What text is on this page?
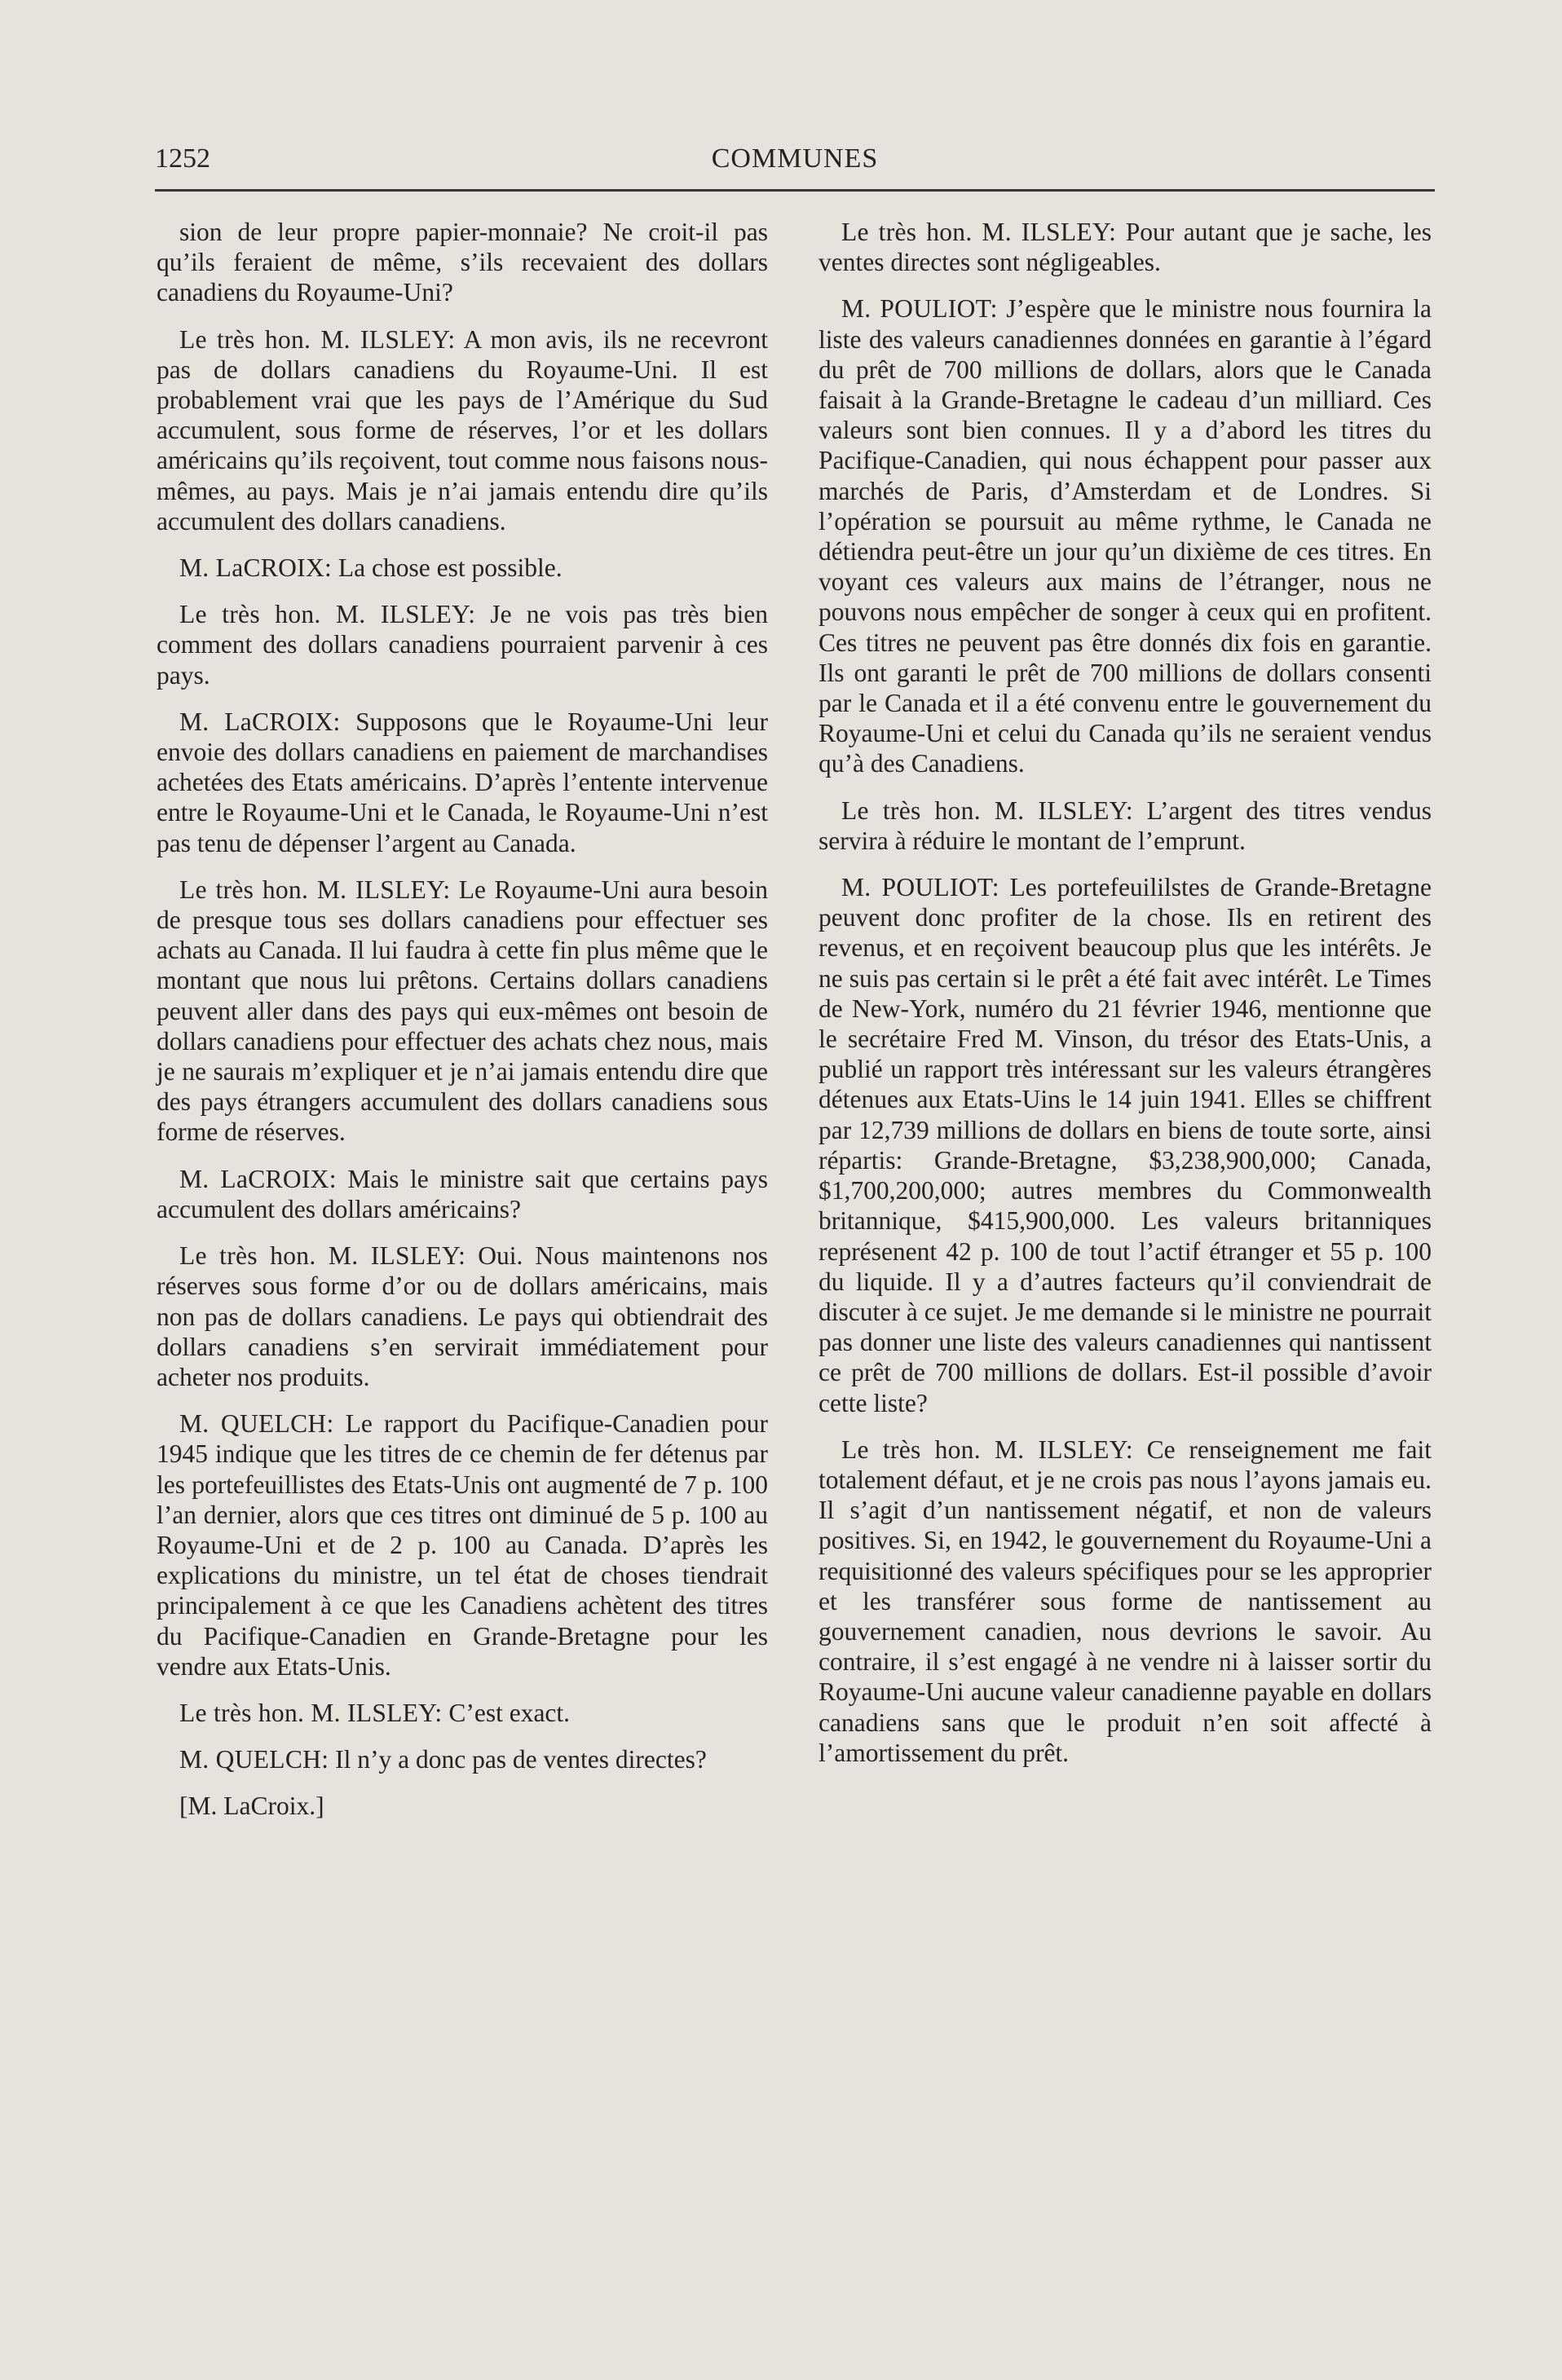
1252	COMMUNES

sion de leur propre papier-monnaie? Ne croit-il pas qu’ils feraient de même, s’ils recevaient des dollars canadiens du Royaume-Uni?

Le très hon. M. ILSLEY: A mon avis, ils ne recevront pas de dollars canadiens du Royaume-Uni. Il est probablement vrai que les pays de l’Amérique du Sud accumulent, sous forme de réserves, l’or et les dollars américains qu’ils reçoivent, tout comme nous faisons nous-mêmes, au pays. Mais je n’ai jamais entendu dire qu’ils accumulent des dollars canadiens.

M. LaCROIX: La chose est possible.

Le très hon. M. ILSLEY: Je ne vois pas très bien comment des dollars canadiens pourraient parvenir à ces pays.

M. LaCROIX: Supposons que le Royaume-Uni leur envoie des dollars canadiens en paiement de marchandises achetées des Etats américains. D’après l’entente intervenue entre le Royaume-Uni et le Canada, le Royaume-Uni n’est pas tenu de dépenser l’argent au Canada.

Le très hon. M. ILSLEY: Le Royaume-Uni aura besoin de presque tous ses dollars canadiens pour effectuer ses achats au Canada. Il lui faudra à cette fin plus même que le montant que nous lui prêtons. Certains dollars canadiens peuvent aller dans des pays qui eux-mêmes ont besoin de dollars canadiens pour effectuer des achats chez nous, mais je ne saurais m’expliquer et je n’ai jamais entendu dire que des pays étrangers accumulent des dollars canadiens sous forme de réserves.

M. LaCROIX: Mais le ministre sait que certains pays accumulent des dollars américains?

Le très hon. M. ILSLEY: Oui. Nous maintenons nos réserves sous forme d’or ou de dollars américains, mais non pas de dollars canadiens. Le pays qui obtiendrait des dollars canadiens s’en servirait immédiatement pour acheter nos produits.

M. QUELCH: Le rapport du Pacifique-Canadien pour 1945 indique que les titres de ce chemin de fer détenus par les portefeuillistes des Etats-Unis ont augmenté de 7 p. 100 l’an dernier, alors que ces titres ont diminué de 5 p. 100 au Royaume-Uni et de 2 p. 100 au Canada. D’après les explications du ministre, un tel état de choses tiendrait principalement à ce que les Canadiens achètent des titres du Pacifique-Canadien en Grande-Bretagne pour les vendre aux Etats-Unis.

Le très hon. M. ILSLEY: C’est exact.

M. QUELCH: Il n’y a donc pas de ventes directes?

[M. LaCroix.]

Le très hon. M. ILSLEY: Pour autant que je sache, les ventes directes sont négligeables.

M. POULIOT: J’espère que le ministre nous fournira la liste des valeurs canadiennes données en garantie à l’égard du prêt de 700 millions de dollars, alors que le Canada faisait à la Grande-Bretagne le cadeau d’un milliard. Ces valeurs sont bien connues. Il y a d’abord les titres du Pacifique-Canadien, qui nous échappent pour passer aux marchés de Paris, d’Amsterdam et de Londres. Si l’opération se poursuit au même rythme, le Canada ne détiendra peut-être un jour qu’un dixième de ces titres. En voyant ces valeurs aux mains de l’étranger, nous ne pouvons nous empêcher de songer à ceux qui en profitent. Ces titres ne peuvent pas être donnés dix fois en garantie. Ils ont garanti le prêt de 700 millions de dollars consenti par le Canada et il a été convenu entre le gouvernement du Royaume-Uni et celui du Canada qu’ils ne seraient vendus qu’à des Canadiens.

Le très hon. M. ILSLEY: L’argent des titres vendus servira à réduire le montant de l’emprunt.

M. POULIOT: Les portefeuililstes de Grande-Bretagne peuvent donc profiter de la chose. Ils en retirent des revenus, et en reçoivent beaucoup plus que les intérêts. Je ne suis pas certain si le prêt a été fait avec intérêt. Le Times de New-York, numéro du 21 février 1946, mentionne que le secrétaire Fred M. Vinson, du trésor des Etats-Unis, a publié un rapport très intéressant sur les valeurs étrangères détenues aux Etats-Uins le 14 juin 1941. Elles se chiffrent par 12,739 millions de dollars en biens de toute sorte, ainsi répartis: Grande-Bretagne, $3,238,900,000; Canada, $1,700,200,000; autres membres du Commonwealth britannique, $415,900,000. Les valeurs britanniques représenent 42 p. 100 de tout l’actif étranger et 55 p. 100 du liquide. Il y a d’autres facteurs qu’il conviendrait de discuter à ce sujet. Je me demande si le ministre ne pourrait pas donner une liste des valeurs canadiennes qui nantissent ce prêt de 700 millions de dollars. Est-il possible d’avoir cette liste?

Le très hon. M. ILSLEY: Ce renseignement me fait totalement défaut, et je ne crois pas nous l’ayons jamais eu. Il s’agit d’un nantissement négatif, et non de valeurs positives. Si, en 1942, le gouvernement du Royaume-Uni a requisitionné des valeurs spécifiques pour se les approprier et les transférer sous forme de nantissement au gouvernement canadien, nous devrions le savoir. Au contraire, il s’est engagé à ne vendre ni à laisser sortir du Royaume-Uni aucune valeur canadienne payable en dollars canadiens sans que le produit n’en soit affecté à l’amortissement du prêt.
